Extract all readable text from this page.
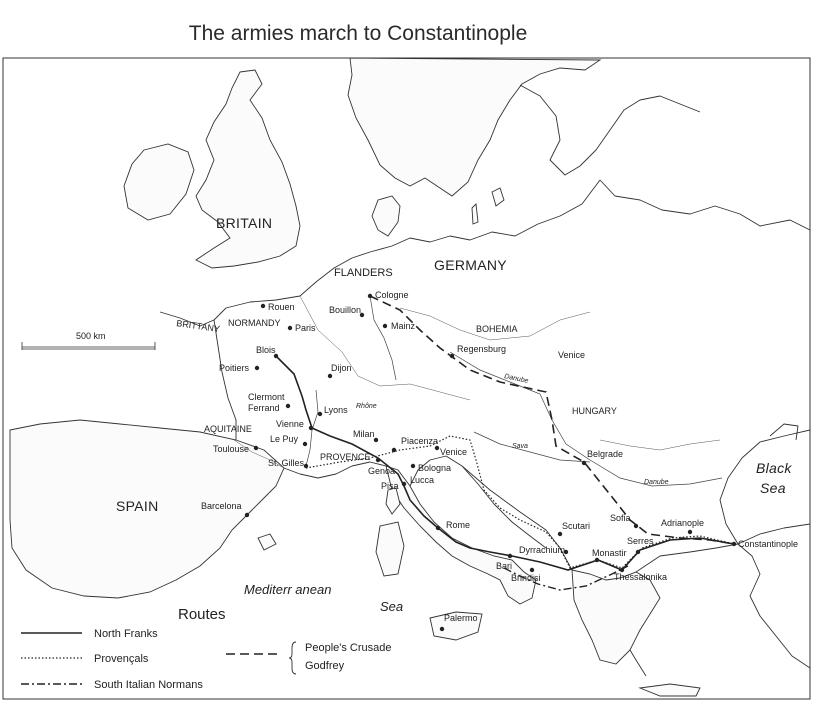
The armies march to Constantinople
BRITAIN
GERMANY
FLANDERS
NORMANDY
BRITTANY	BOHEMIA
HUNGARY
AQUITAINE
PROVENCE
SPAIN
Venice
Black
Sea
Mediterr anean
Sea
Danube
Danube
Rhône
Sava
Rouen
Paris
Bouillon
Cologne
Mainz
Regensburg
Blois
Poitiers	Dijon
Clermont
Ferrand	Lyons
Vienne
Le Puy
Toulouse
St. Gilles
Milan
Piacenza
Venice
Genoa	Bologna
Pisa
Lucca
Barcelona
Rome
Bari
Brindisi
Palermo
Dyrrachium
Scutari
Belgrade
Sofia	Adrianople
Constantinople
Serres
Monastir
Thessalonika
500 km
Routes
North Franks
Provençals
South Italian Normans
People's Crusade
Godfrey
